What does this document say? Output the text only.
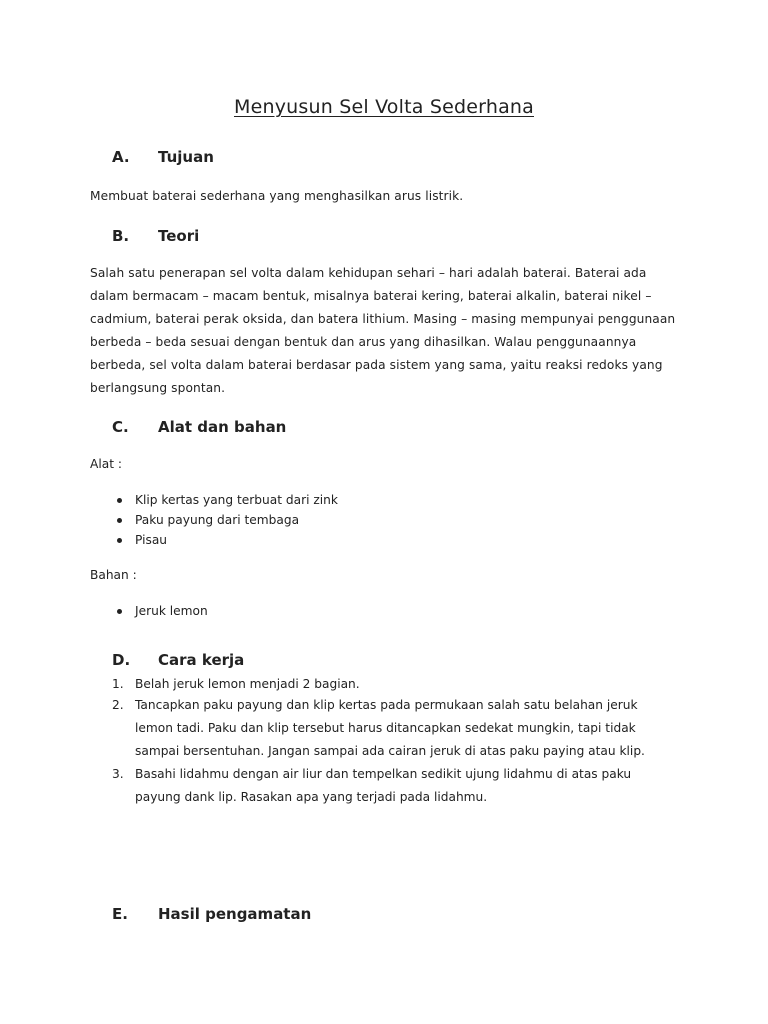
Menyusun Sel Volta Sederhana
A. Tujuan
Membuat baterai sederhana yang menghasilkan arus listrik.
B. Teori
Salah satu penerapan sel volta dalam kehidupan sehari – hari adalah baterai. Baterai ada
dalam bermacam – macam bentuk, misalnya baterai kering, baterai alkalin, baterai nikel –
cadmium, baterai perak oksida, dan batera lithium. Masing – masing mempunyai penggunaan
berbeda – beda sesuai dengan bentuk dan arus yang dihasilkan. Walau penggunaannya
berbeda, sel volta dalam baterai berdasar pada sistem yang sama, yaitu reaksi redoks yang
berlangsung spontan.
C. Alat dan bahan
Alat :
Klip kertas yang terbuat dari zink
Paku payung dari tembaga
Pisau
Bahan :
Jeruk lemon
D. Cara kerja
1. Belah jeruk lemon menjadi 2 bagian.
2. Tancapkan paku payung dan klip kertas pada permukaan salah satu belahan jeruk
lemon tadi. Paku dan klip tersebut harus ditancapkan sedekat mungkin, tapi tidak
sampai bersentuhan. Jangan sampai ada cairan jeruk di atas paku paying atau klip.
3. Basahi lidahmu dengan air liur dan tempelkan sedikit ujung lidahmu di atas paku
payung dank lip. Rasakan apa yang terjadi pada lidahmu.
E. Hasil pengamatan
